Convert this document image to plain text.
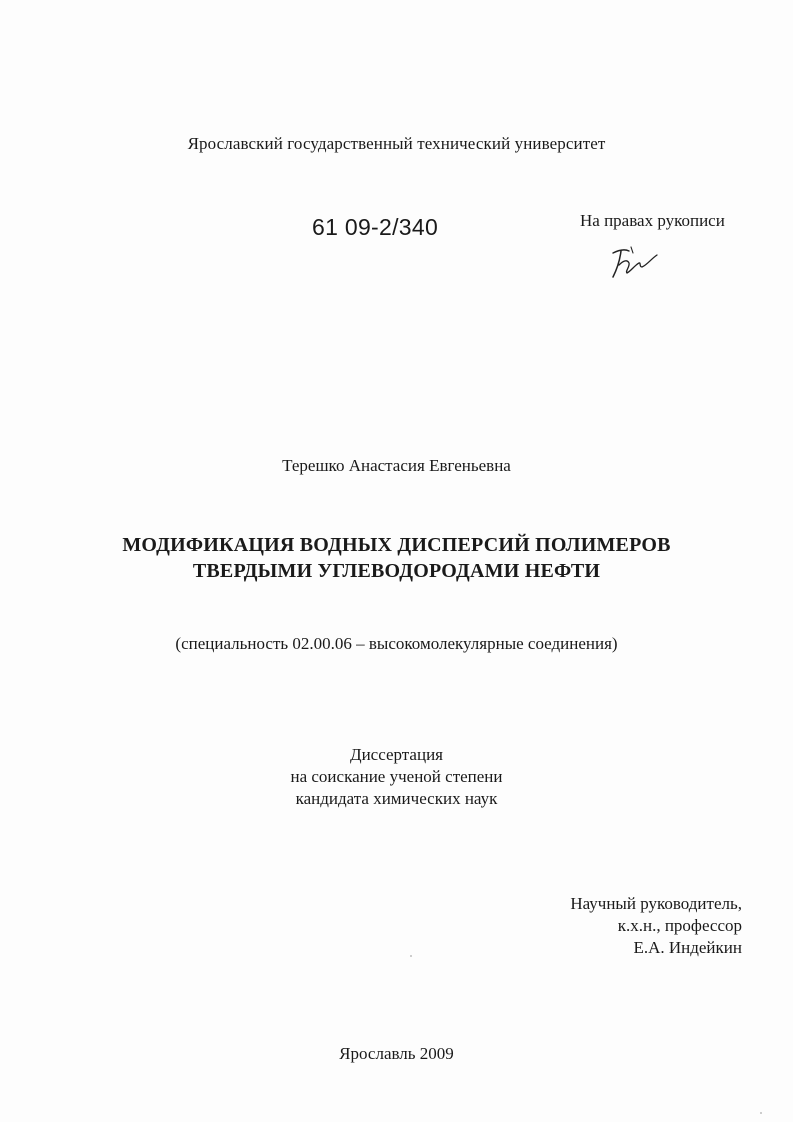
Ярославский государственный технический университет
61 09-2/340	На правах рукописи
Терешко Анастасия Евгеньевна
МОДИФИКАЦИЯ ВОДНЫХ ДИСПЕРСИЙ ПОЛИМЕРОВ
ТВЕРДЫМИ УГЛЕВОДОРОДАМИ НЕФТИ
(специальность 02.00.06 – высокомолекулярные соединения)
Диссертация
на соискание ученой степени
кандидата химических наук
Научный руководитель,
к.х.н., профессор
Е.А. Индейкин
Ярославль 2009
